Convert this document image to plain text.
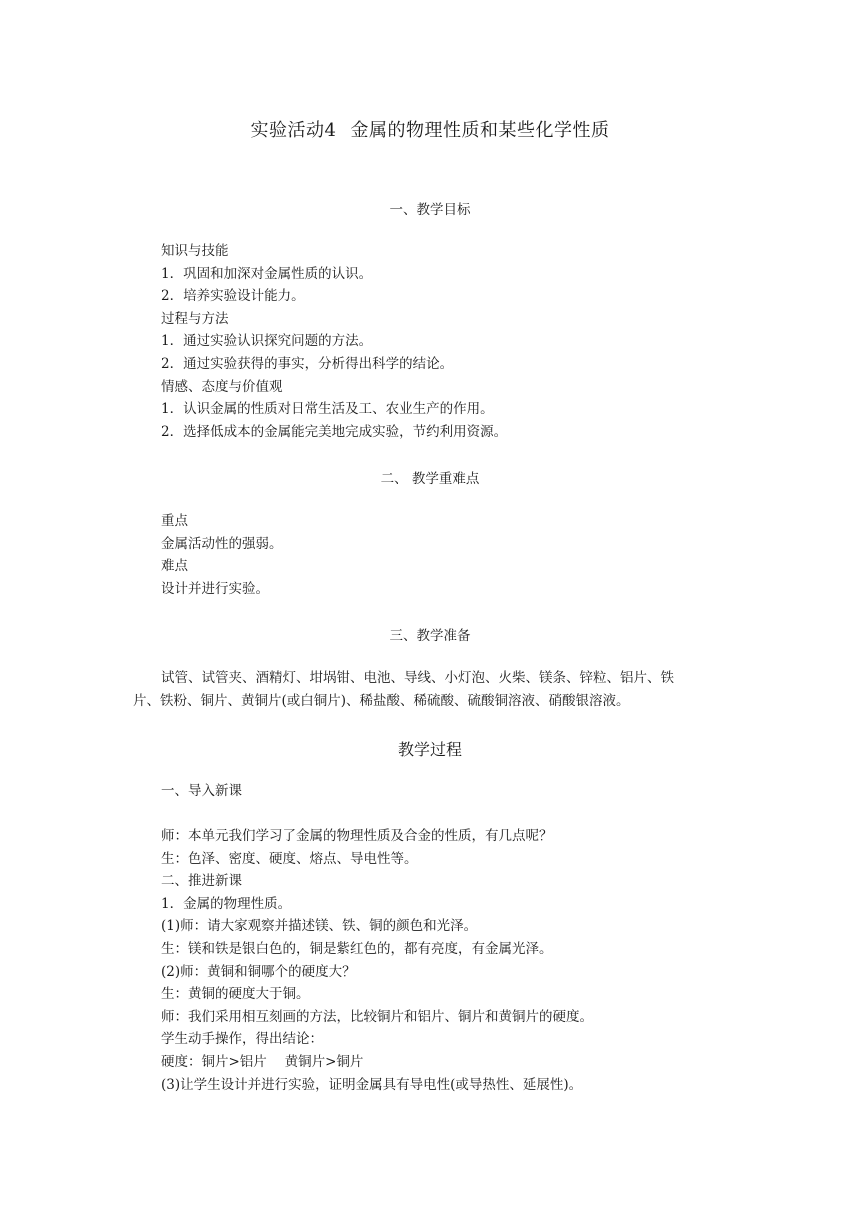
实验活动4 金属的物理性质和某些化学性质
一、教学目标
知识与技能
1．巩固和加深对金属性质的认识。
2．培养实验设计能力。
过程与方法
1．通过实验认识探究问题的方法。
2．通过实验获得的事实，分析得出科学的结论。
情感、态度与价值观
1．认识金属的性质对日常生活及工、农业生产的作用。
2．选择低成本的金属能完美地完成实验，节约利用资源。
二、 教学重难点
重点
金属活动性的强弱。
难点
设计并进行实验。
三、教学准备
试管、试管夹、酒精灯、坩埚钳、电池、导线、小灯泡、火柴、镁条、锌粒、铝片、铁
片、铁粉、铜片、黄铜片(或白铜片)、稀盐酸、稀硫酸、硫酸铜溶液、硝酸银溶液。
教学过程
一、导入新课
师：本单元我们学习了金属的物理性质及合金的性质，有几点呢？
生：色泽、密度、硬度、熔点、导电性等。
二、推进新课
1．金属的物理性质。
(1)师：请大家观察并描述镁、铁、铜的颜色和光泽。
生：镁和铁是银白色的，铜是紫红色的，都有亮度，有金属光泽。
(2)师：黄铜和铜哪个的硬度大？
生：黄铜的硬度大于铜。
师：我们采用相互刻画的方法，比较铜片和铝片、铜片和黄铜片的硬度。
学生动手操作，得出结论：
硬度：铜片>铝片　 黄铜片>铜片
(3)让学生设计并进行实验，证明金属具有导电性(或导热性、延展性)。
